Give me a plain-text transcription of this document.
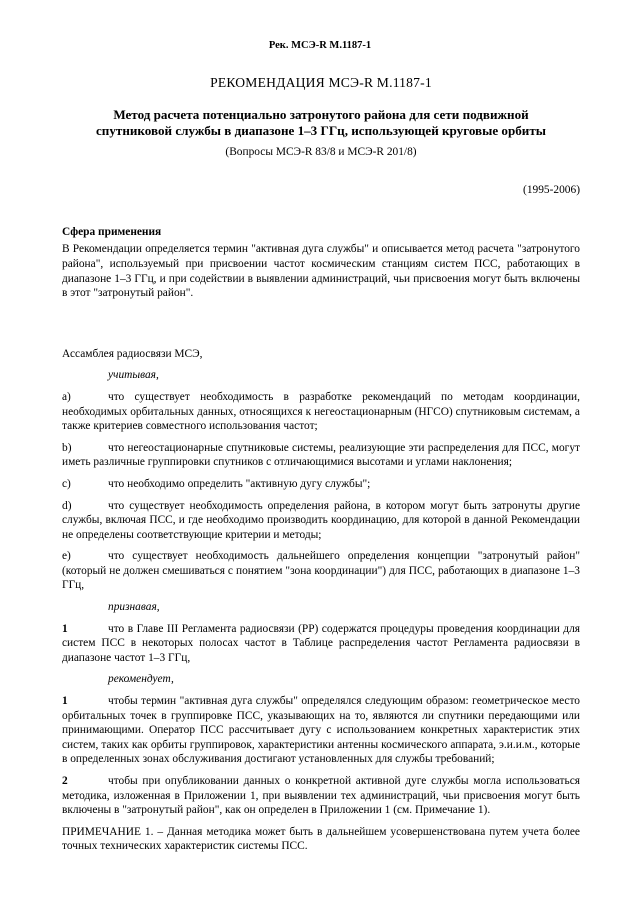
Рек. МСЭ-R M.1187-1
РЕКОМЕНДАЦИЯ МСЭ-R M.1187-1
Метод расчета потенциально затронутого района для сети подвижной
спутниковой службы в диапазоне 1–3 ГГц, использующей круговые орбиты
(Вопросы МСЭ-R 83/8 и МСЭ-R 201/8)
(1995-2006)
Сфера применения

В Рекомендации определяется термин "активная дуга службы" и описывается метод расчета "затронутого района", используемый при присвоении частот космическим станциям систем ПСС, работающих в диапазоне 1–3 ГГц, и при содействии в выявлении администраций, чьи присвоения могут быть включены в этот "затронутый район".

Ассамблея радиосвязи МСЭ,

учитывая,
a)	что существует необходимость в разработке рекомендаций по методам координации, необходимых орбитальных данных, относящихся к негеостационарным (НГСО) спутниковым системам, а также критериев совместного использования частот;
b)	что негеостационарные спутниковые системы, реализующие эти распределения для ПСС, могут иметь различные группировки спутников с отличающимися высотами и углами наклонения;
c)	что необходимо определить "активную дугу службы";
d)	что существует необходимость определения района, в котором могут быть затронуты другие службы, включая ПСС, и где необходимо производить координацию, для которой в данной Рекомендации не определены соответствующие критерии и методы;
e)	что существует необходимость дальнейшего определения концепции "затронутый район" (который не должен смешиваться с понятием "зона координации") для ПСС, работающих в диапазоне 1–3 ГГц,
признавая,
1	что в Главе III Регламента радиосвязи (РР) содержатся процедуры проведения координации для систем ПСС в некоторых полосах частот в Таблице распределения частот Регламента радиосвязи в диапазоне частот 1–3 ГГц,
рекомендует,
1	чтобы термин "активная дуга службы" определялся следующим образом: геометрическое место орбитальных точек в группировке ПСС, указывающих на то, являются ли спутники передающими или принимающими. Оператор ПСС рассчитывает дугу с использованием конкретных характеристик этих систем, таких как орбиты группировок, характеристики антенны космического аппарата, э.и.и.м., которые в определенных зонах обслуживания достигают установленных для службы требований;
2	чтобы при опубликовании данных о конкретной активной дуге службы могла использоваться методика, изложенная в Приложении 1, при выявлении тех администраций, чьи присвоения могут быть включены в "затронутый район", как он определен в Приложении 1 (см. Примечание 1).

ПРИМЕЧАНИЕ 1. – Данная методика может быть в дальнейшем усовершенствована путем учета более точных технических характеристик системы ПСС.
